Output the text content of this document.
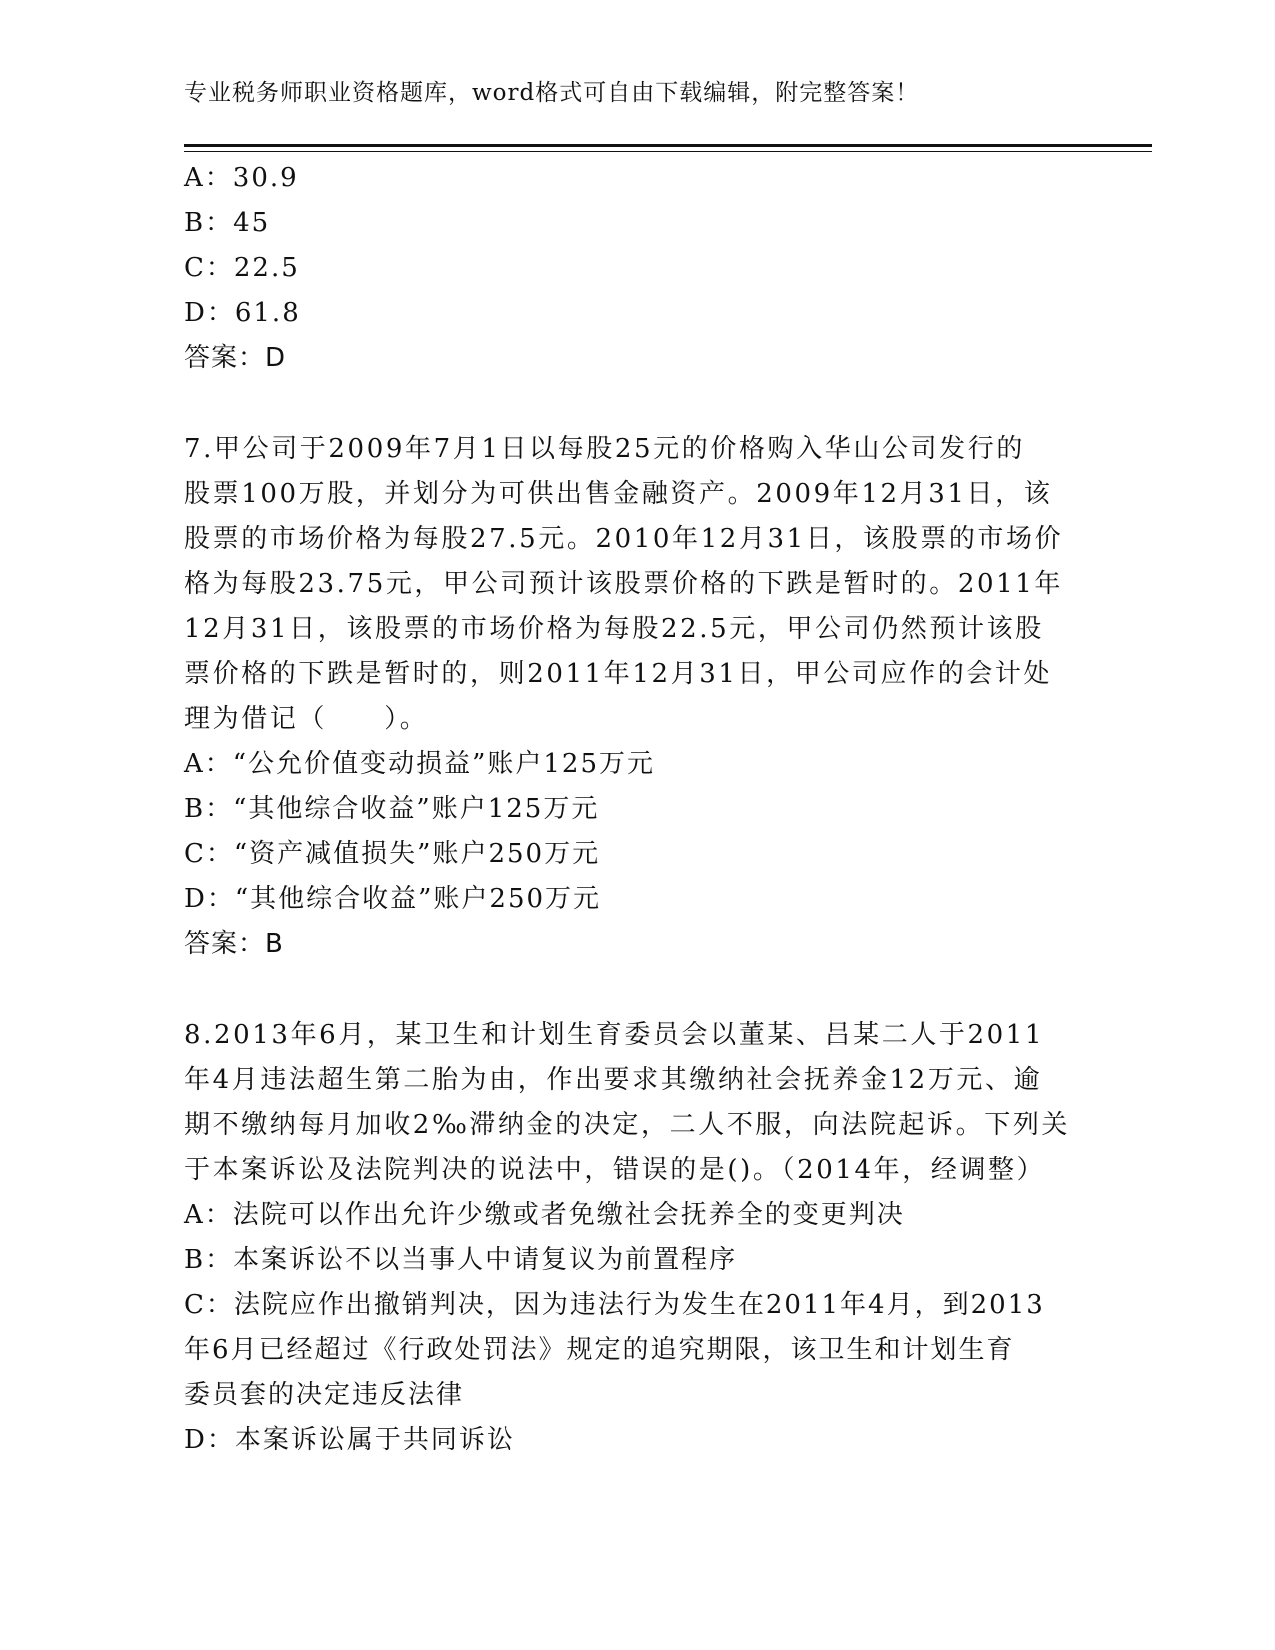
专业税务师职业资格题库，word格式可自由下载编辑，附完整答案！
A：30.9
B：45
C：22.5
D：61.8
答案：D
7.甲公司于2009年7月1日以每股25元的价格购入华山公司发行的
股票100万股，并划分为可供出售金融资产。2009年12月31日，该
股票的市场价格为每股27.5元。2010年12月31日，该股票的市场价
格为每股23.75元，甲公司预计该股票价格的下跌是暂时的。2011年
12月31日，该股票的市场价格为每股22.5元，甲公司仍然预计该股
票价格的下跌是暂时的，则2011年12月31日，甲公司应作的会计处
理为借记（　　）。
A：“公允价值变动损益”账户125万元
B：“其他综合收益”账户125万元
C：“资产减值损失”账户250万元
D：“其他综合收益”账户250万元
答案：B
8.2013年6月，某卫生和计划生育委员会以董某、吕某二人于2011
年4月违法超生第二胎为由，作出要求其缴纳社会抚养金12万元、逾
期不缴纳每月加收2‰滞纳金的决定，二人不服，向法院起诉。下列关
于本案诉讼及法院判决的说法中，错误的是()。（2014年，经调整）
A：法院可以作出允许少缴或者免缴社会抚养全的变更判决
B：本案诉讼不以当事人中请复议为前置程序
C：法院应作出撤销判决，因为违法行为发生在2011年4月，到2013
年6月已经超过《行政处罚法》规定的追究期限，该卫生和计划生育
委员套的决定违反法律
D：本案诉讼属于共同诉讼
